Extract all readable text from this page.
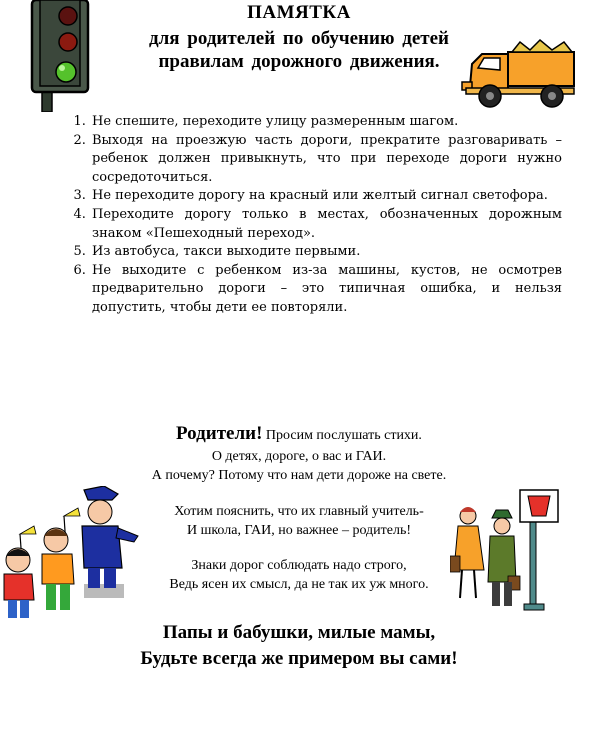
ПАМЯТКА
для родителей по обучению детей
правилам дорожного движения.
1. Не спешите, переходите улицу размеренным шагом.
2. Выходя на проезжую часть дороги, прекратите разговаривать – ребенок должен привыкнуть, что при переходе дороги нужно сосредоточиться.
3. Не переходите дорогу на красный или желтый сигнал светофора.
4. Переходите дорогу только в местах, обозначенных дорожным знаком «Пешеходный переход».
5. Из автобуса, такси выходите первыми.
6. Не выходите с ребенком из-за машины, кустов, не осмотрев предварительно дороги – это типичная ошибка, и нельзя допустить, чтобы дети ее повторяли.
Родители! Просим послушать стихи.
О детях, дороге, о вас и ГАИ.
А почему? Потому что нам дети дороже на свете.
Хотим пояснить, что их главный учитель-
И школа, ГАИ, но важнее – родитель!
Знаки дорог соблюдать надо строго,
Ведь ясен их смысл, да не так их уж много.
Папы и бабушки, милые мамы,
Будьте всегда же примером вы сами!
